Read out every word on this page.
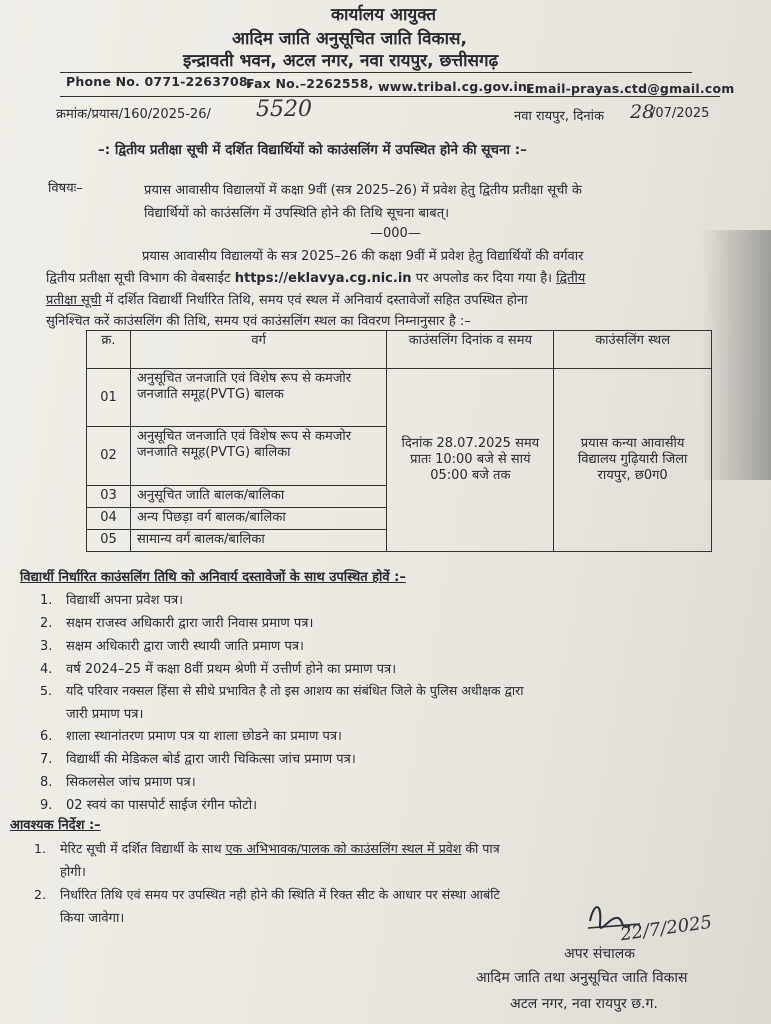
कार्यालय आयुक्त
आदिम जाति अनुसूचित जाति विकास,
इन्द्रावती भवन, अटल नगर, नवा रायपुर, छत्तीसगढ़
Phone No. 0771-2263708,
Fax No.–2262558, www.tribal.cg.gov.in,
Email-prayas.ctd@gmail.com
क्रमांक/प्रयास/160/2025-26/ 5520	नवा रायपुर, दिनांक 28
/07/2025
–: द्वितीय प्रतीक्षा सूची में दर्शित विद्यार्थियों को काउंसलिंग में उपस्थित होने की सूचना :–
विषयः–	प्रयास आवासीय विद्यालयों में कक्षा 9वीं (सत्र 2025–26) में प्रवेश हेतु द्वितीय प्रतीक्षा सूची के
विद्यार्थियों को काउंसलिंग में उपस्थिति होने की तिथि सूचना बाबत्।
—000—
प्रयास आवासीय विद्यालयों के सत्र 2025–26 की कक्षा 9वीं में प्रवेश हेतु विद्यार्थियों की वर्गवार
द्वितीय प्रतीक्षा सूची विभाग की वेबसाईट https://eklavya.cg.nic.in पर अपलोड कर दिया गया है। द्वितीय
प्रतीक्षा सूची में दर्शित विद्यार्थी निर्धारित तिथि, समय एवं स्थल में अनिवार्य दस्तावेजों सहित उपस्थित होना
सुनिश्चित करें काउंसलिंग की तिथि, समय एवं काउंसलिंग स्थल का विवरण निम्नानुसार है :–
क्र.	वर्ग	काउंसलिंग दिनांक व समय	काउंसलिंग स्थल
01	अनुसूचित जनजाति एवं विशेष रूप से कमजोर जनजाति समूह(PVTG) बालक	दिनांक 28.07.2025 समय प्रातः 10:00 बजे से सायं 05:00 बजे तक	प्रयास कन्या आवासीय विद्यालय गुढ़ियारी जिला रायपुर, छ0ग0
02	अनुसूचित जनजाति एवं विशेष रूप से कमजोर जनजाति समूह(PVTG) बालिका		
03	अनुसूचित जाति बालक/बालिका		
04	अन्य पिछड़ा वर्ग बालक/बालिका		
05	सामान्य वर्ग बालक/बालिका		
विद्यार्थी निर्धारित काउंसलिंग तिथि को अनिवार्य दस्तावेजों के साथ उपस्थित होवें :–
1. विद्यार्थी अपना प्रवेश पत्र।
2. सक्षम राजस्व अधिकारी द्वारा जारी निवास प्रमाण पत्र।
3. सक्षम अधिकारी द्वारा जारी स्थायी जाति प्रमाण पत्र।
4. वर्ष 2024–25 में कक्षा 8वीं प्रथम श्रेणी में उत्तीर्ण होने का प्रमाण पत्र।
5. यदि परिवार नक्सल हिंसा से सीधे प्रभावित है तो इस आशय का संबंधित जिले के पुलिस अधीक्षक द्वारा
जारी प्रमाण पत्र।
6. शाला स्थानांतरण प्रमाण पत्र या शाला छोडने का प्रमाण पत्र।
7. विद्यार्थी की मेडिकल बोर्ड द्वारा जारी चिकित्सा जांच प्रमाण पत्र।
8. सिकलसेल जांच प्रमाण पत्र।
9. 02 स्वयं का पासपोर्ट साईज रंगीन फोटो।
आवश्यक निर्देश :–
1. मेरिट सूची में दर्शित विद्यार्थी के साथ एक अभिभावक/पालक को काउंसलिंग स्थल में प्रवेश की पात्र
होगी।
2. निर्धारित तिथि एवं समय पर उपस्थित नही होने की स्थिति में रिक्त सीट के आधार पर संस्था आबंटि
किया जावेगा।	22/7/2025
अपर संचालक
आदिम जाति तथा अनुसूचित जाति विकास
अटल नगर, नवा रायपुर छ.ग.
